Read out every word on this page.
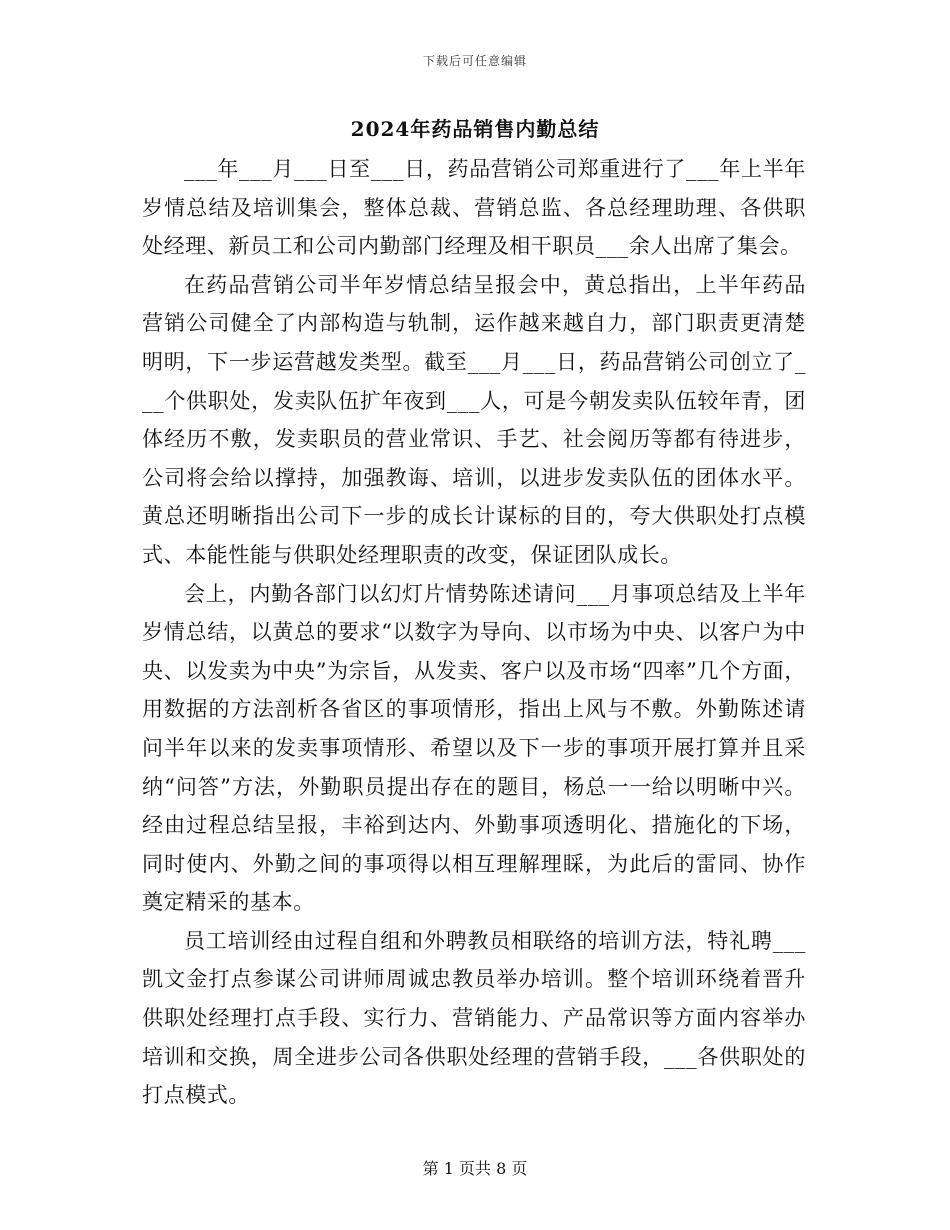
下载后可任意编辑
2024年药品销售内勤总结

___年___月___日至___日，药品营销公司郑重进行了___年上半年岁情总结及培训集会，整体总裁、营销总监、各总经理助理、各供职处经理、新员工和公司内勤部门经理及相干职员___余人出席了集会。

在药品营销公司半年岁情总结呈报会中，黄总指出，上半年药品营销公司健全了内部构造与轨制，运作越来越自力，部门职责更清楚明明，下一步运营越发类型。截至___月___日，药品营销公司创立了___个供职处，发卖队伍扩年夜到___人，可是今朝发卖队伍较年青，团体经历不敷，发卖职员的营业常识、手艺、社会阅历等都有待进步，公司将会给以撑持，加强教诲、培训，以进步发卖队伍的团体水平。黄总还明晰指出公司下一步的成长计谋标的目的，夸大供职处打点模式、本能性能与供职处经理职责的改变，保证团队成长。

会上，内勤各部门以幻灯片情势陈述请问___月事项总结及上半年岁情总结，以黄总的要求“以数字为导向、以市场为中央、以客户为中央、以发卖为中央”为宗旨，从发卖、客户以及市场“四率”几个方面，用数据的方法剖析各省区的事项情形，指出上风与不敷。外勤陈述请问半年以来的发卖事项情形、希望以及下一步的事项开展打算并且采纳“问答”方法，外勤职员提出存在的题目，杨总一一给以明晰中兴。经由过程总结呈报，丰裕到达内、外勤事项透明化、措施化的下场，同时使内、外勤之间的事项得以相互理解理睬，为此后的雷同、协作奠定精采的基本。

员工培训经由过程自组和外聘教员相联络的培训方法，特礼聘___凯文金打点参谋公司讲师周诚忠教员举办培训。整个培训环绕着晋升供职处经理打点手段、实行力、营销能力、产品常识等方面内容举办培训和交换，周全进步公司各供职处经理的营销手段，___各供职处的打点模式。

第 1 页共 8 页
